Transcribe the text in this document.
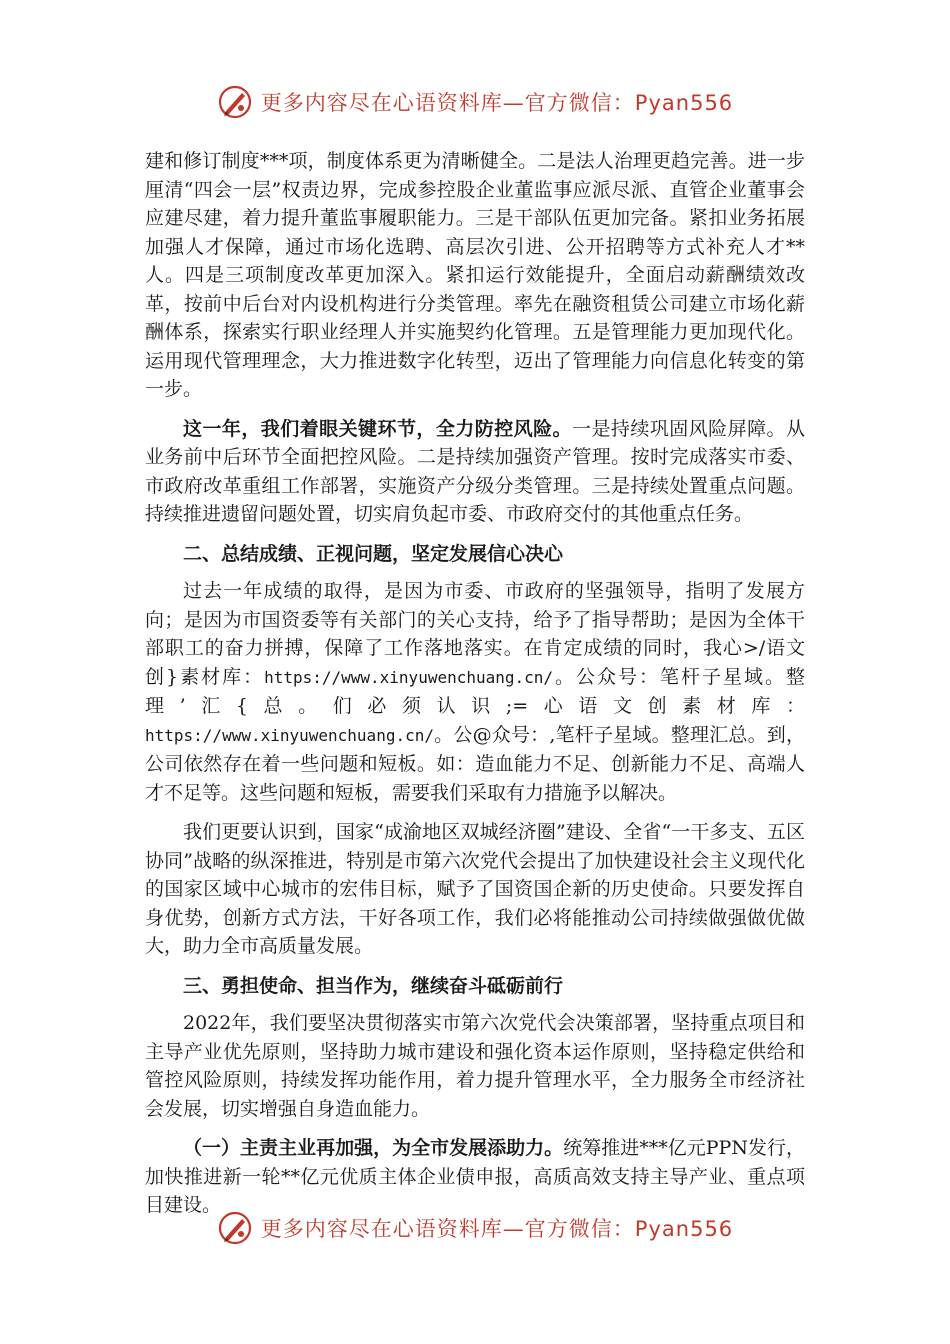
更多内容尽在心语资料库—官方微信：Pyan556

建和修订制度***项，制度体系更为清晰健全。二是法人治理更趋完善。进一步厘清“四会一层”权责边界，完成参控股企业董监事应派尽派、直管企业董事会应建尽建，着力提升董监事履职能力。三是干部队伍更加完备。紧扣业务拓展加强人才保障，通过市场化选聘、高层次引进、公开招聘等方式补充人才**人。四是三项制度改革更加深入。紧扣运行效能提升，全面启动薪酬绩效改革，按前中后台对内设机构进行分类管理。率先在融资租赁公司建立市场化薪酬体系，探索实行职业经理人并实施契约化管理。五是管理能力更加现代化。运用现代管理理念，大力推进数字化转型，迈出了管理能力向信息化转变的第一步。

这一年，我们着眼关键环节，全力防控风险。一是持续巩固风险屏障。从业务前中后环节全面把控风险。二是持续加强资产管理。按时完成落实市委、市政府改革重组工作部署，实施资产分级分类管理。三是持续处置重点问题。持续推进遗留问题处置，切实肩负起市委、市政府交付的其他重点任务。

二、总结成绩、正视问题，坚定发展信心决心

过去一年成绩的取得，是因为市委、市政府的坚强领导，指明了发展方向；是因为市国资委等有关部门的关心支持，给予了指导帮助；是因为全体干部职工的奋力拼搏，保障了工作落地落实。在肯定成绩的同时，我心>/语文创}素材库：https://www.xinyuwenchuang.cn/。公众号：笔杆子星域。整理’汇{总。们必须认识;=心语文创素材库：https://www.xinyuwenchuang.cn/。公@众号：,笔杆子星域。整理汇总。到，公司依然存在着一些问题和短板。如：造血能力不足、创新能力不足、高端人才不足等。这些问题和短板，需要我们采取有力措施予以解决。

我们更要认识到，国家“成渝地区双城经济圈”建设、全省“一干多支、五区协同”战略的纵深推进，特别是市第六次党代会提出了加快建设社会主义现代化的国家区域中心城市的宏伟目标，赋予了国资国企新的历史使命。只要发挥自身优势，创新方式方法，干好各项工作，我们必将能推动公司持续做强做优做大，助力全市高质量发展。

三、勇担使命、担当作为，继续奋斗砥砺前行

2022年，我们要坚决贯彻落实市第六次党代会决策部署，坚持重点项目和主导产业优先原则，坚持助力城市建设和强化资本运作原则，坚持稳定供给和管控风险原则，持续发挥功能作用，着力提升管理水平，全力服务全市经济社会发展，切实增强自身造血能力。

（一）主责主业再加强，为全市发展添助力。统筹推进***亿元PPN发行，加快推进新一轮**亿元优质主体企业债申报，高质高效支持主导产业、重点项目建设。

更多内容尽在心语资料库—官方微信：Pyan556
